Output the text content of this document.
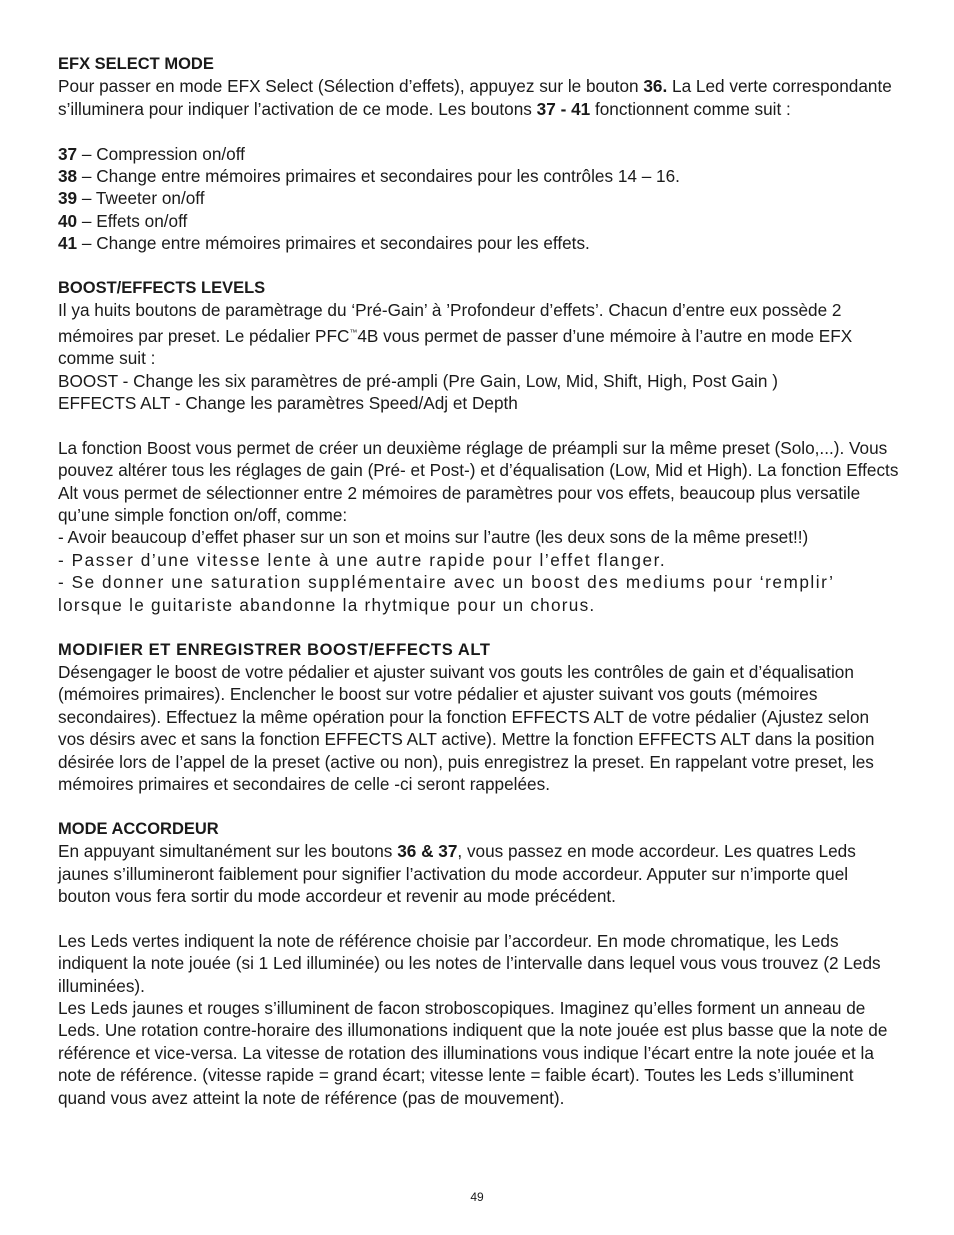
EFX SELECT MODE

Pour passer en mode EFX Select (Sélection d’effets), appuyez sur le bouton 36. La Led verte correspondante s’illuminera pour indiquer l’activation de ce mode. Les boutons 37 - 41 fonctionnent comme suit :

37 – Compression on/off
38 – Change entre mémoires primaires et secondaires pour les contrôles 14 – 16.
39 – Tweeter on/off
40 – Effets on/off
41 – Change entre mémoires primaires et secondaires pour les effets.
BOOST/EFFECTS LEVELS

Il ya huits boutons de paramètrage du ‘Pré-Gain’ à ’Profondeur d’effets’. Chacun d’entre eux possède 2 mémoires par preset. Le pédalier PFC™4B vous permet de passer d’une mémoire à l’autre en mode EFX comme suit :

BOOST - Change les six paramètres de pré-ampli (Pre Gain, Low, Mid, Shift, High, Post Gain )

EFFECTS ALT - Change les paramètres Speed/Adj et Depth

La fonction Boost vous permet de créer un deuxième réglage de préampli sur la même preset (Solo,...). Vous pouvez altérer tous les réglages de gain (Pré- et Post-) et d’équalisation (Low, Mid et High). La fonction Effects Alt vous permet de sélectionner entre 2 mémoires de paramètres pour vos effets, beaucoup plus versatile qu’une simple fonction on/off, comme:

- Avoir beaucoup d’effet phaser sur un son et moins sur l’autre (les deux sons de la même preset!!)

- Passer d’une vitesse lente à une autre rapide pour l’effet flanger.

- Se donner une saturation supplémentaire avec un boost des mediums pour ‘remplir’

lorsque le guitariste abandonne la rhytmique pour un chorus.

MODIFIER ET ENREGISTRER BOOST/EFFECTS ALT

Désengager le boost de votre pédalier et ajuster suivant vos gouts les contrôles de gain et d’équalisation (mémoires primaires). Enclencher le boost sur votre pédalier et ajuster suivant vos gouts (mémoires secondaires). Effectuez la même opération pour la fonction EFFECTS ALT de votre pédalier (Ajustez selon vos désirs avec et sans la fonction EFFECTS ALT active). Mettre la fonction EFFECTS ALT dans la position désirée lors de l’appel de la preset (active ou non), puis enregistrez la preset. En rappelant votre preset, les mémoires primaires et secondaires de celle -ci seront rappelées.

MODE ACCORDEUR

En appuyant simultanément sur les boutons 36 & 37, vous passez en mode accordeur. Les quatres Leds jaunes s’illumineront faiblement pour signifier l’activation du mode accordeur. Apputer sur n’importe quel bouton vous fera sortir du mode accordeur et revenir au mode précédent.

Les Leds vertes indiquent la note de référence choisie par l’accordeur. En mode chromatique, les Leds indiquent la note jouée (si 1 Led illuminée) ou les notes de l’intervalle dans lequel vous vous trouvez (2 Leds illuminées).

Les Leds jaunes et rouges s’illuminent de facon stroboscopiques. Imaginez qu’elles forment un anneau de Leds. Une rotation contre-horaire des illumonations indiquent que la note jouée est plus basse que la note de référence et vice-versa. La vitesse de rotation des illuminations vous indique l’écart entre la note jouée et la note de référence. (vitesse rapide = grand écart; vitesse lente = faible écart). Toutes les Leds s’illuminent quand vous avez atteint la note de référence (pas de mouvement).

49
